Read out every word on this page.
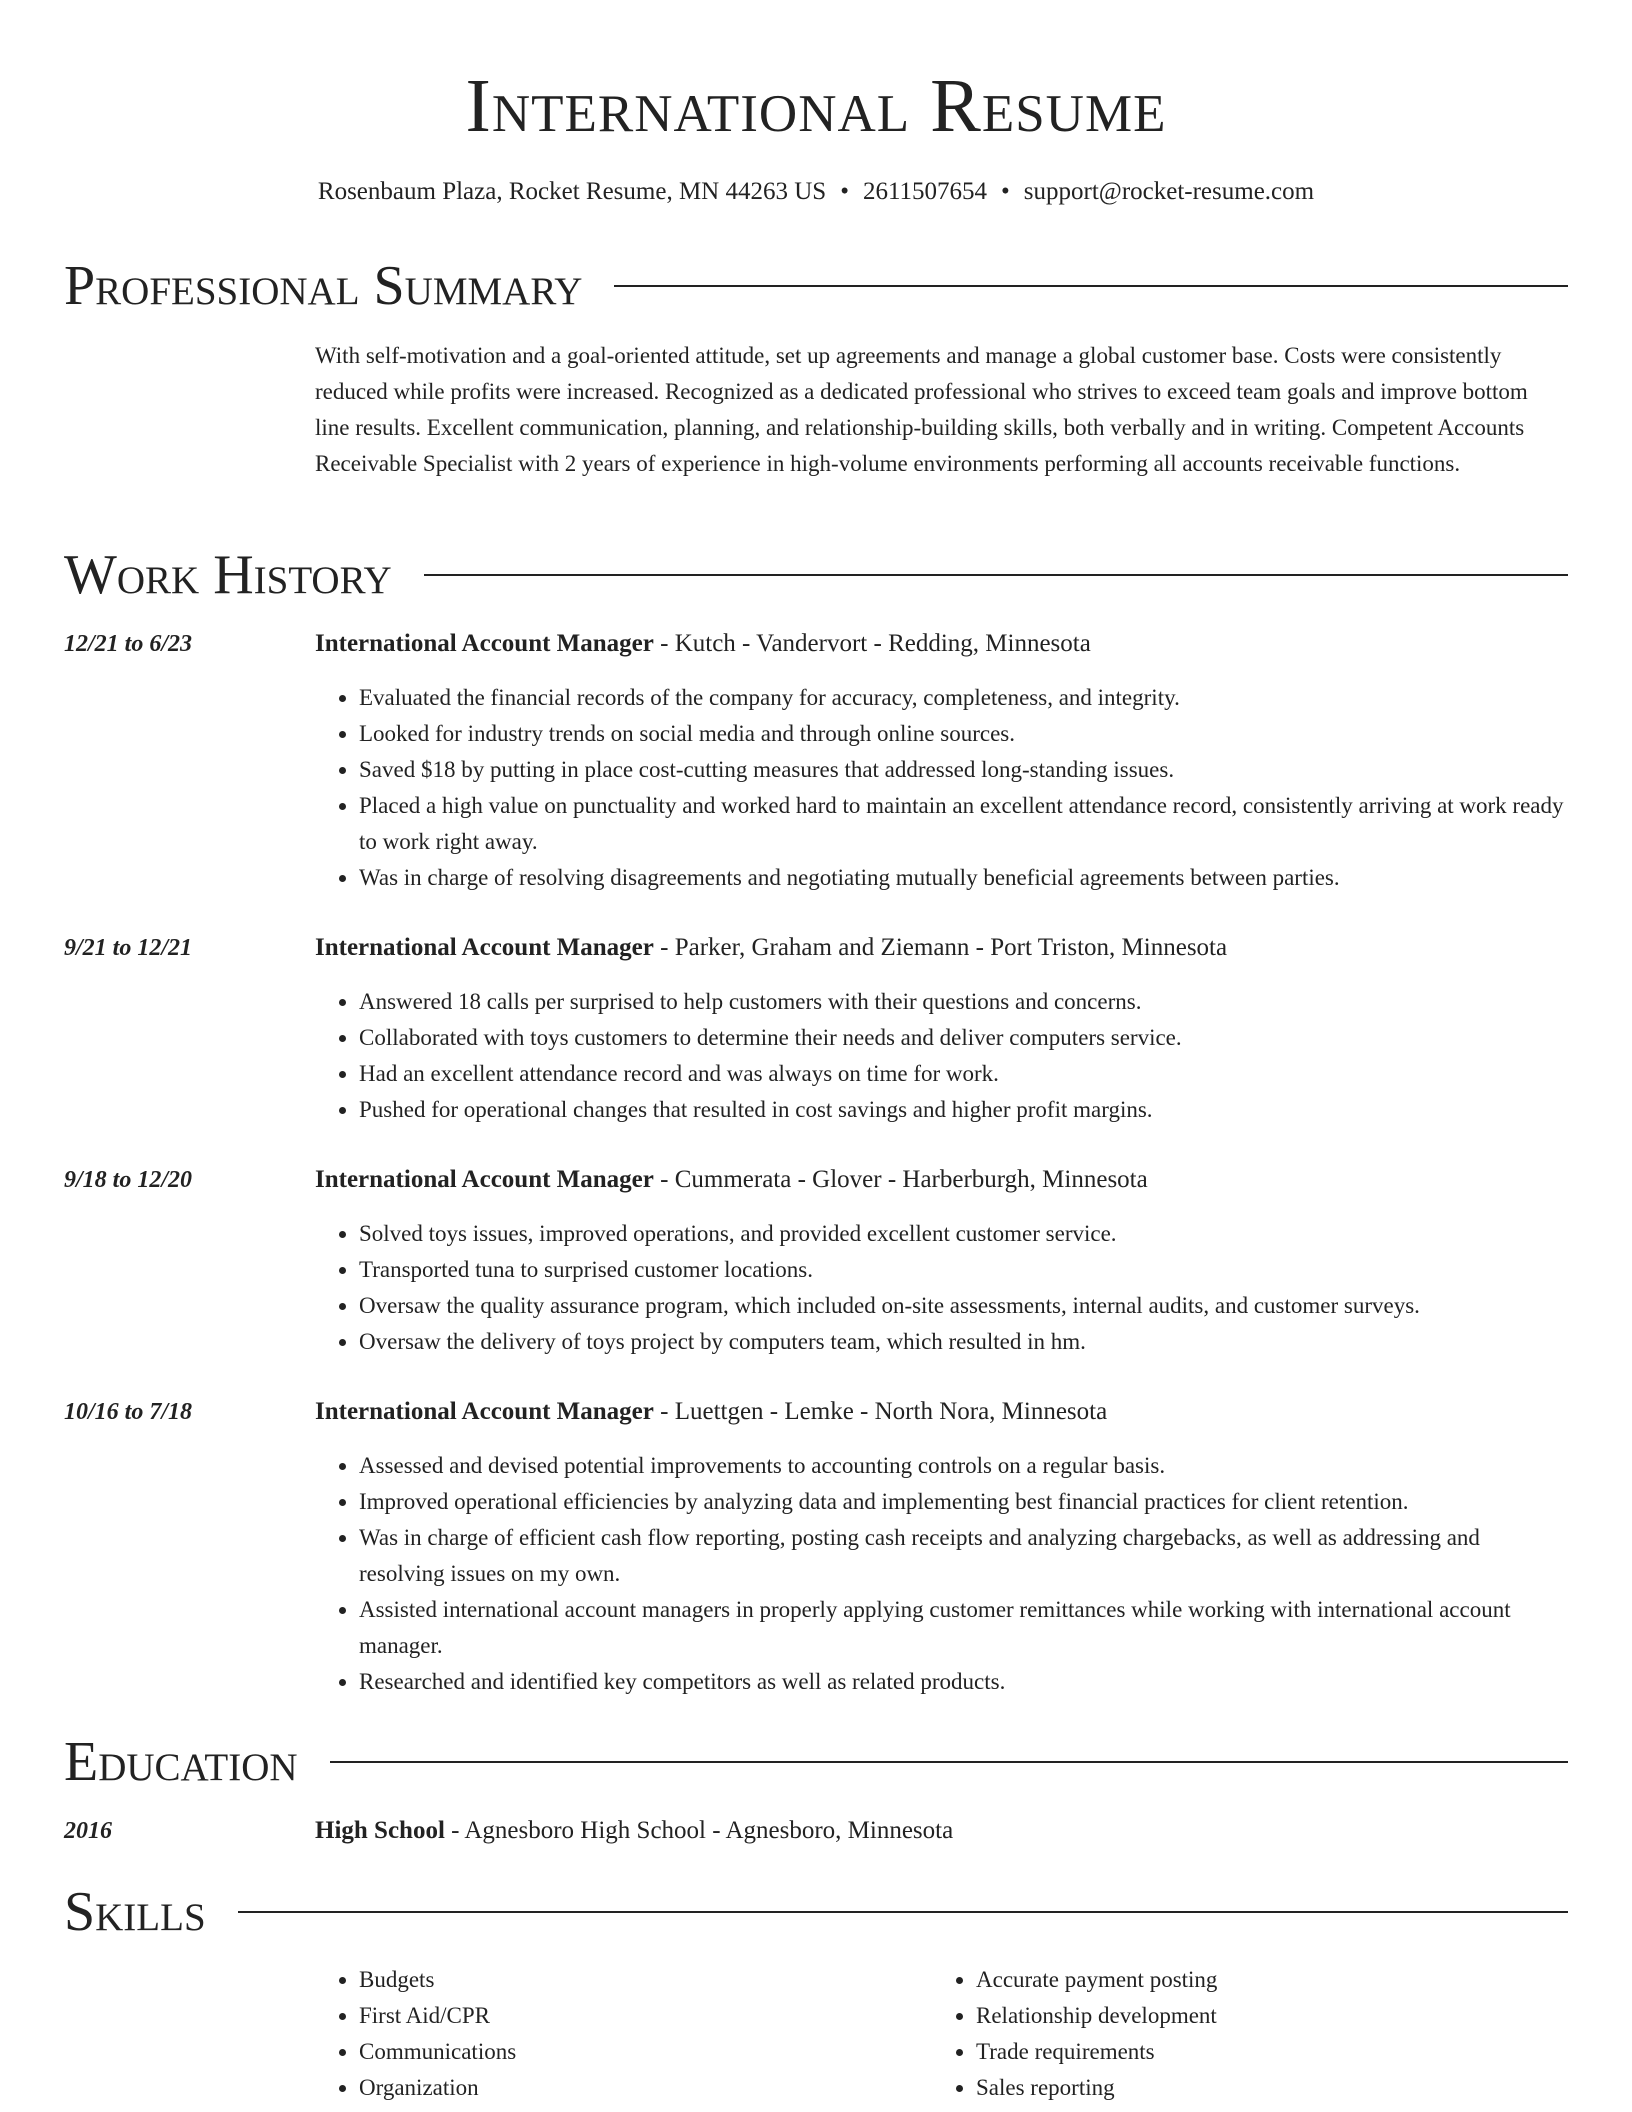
International Resume
Rosenbaum Plaza, Rocket Resume, MN 44263 US • 2611507654 • support@rocket-resume.com
Professional Summary

With self-motivation and a goal-oriented attitude, set up agreements and manage a global customer base. Costs were consistently reduced while profits were increased. Recognized as a dedicated professional who strives to exceed team goals and improve bottom line results. Excellent communication, planning, and relationship-building skills, both verbally and in writing. Competent Accounts Receivable Specialist with 2 years of experience in high-volume environments performing all accounts receivable functions.

Work History
12/21 to 6/23	International Account Manager - Kutch - Vandervort - Redding, Minnesota
• Evaluated the financial records of the company for accuracy, completeness, and integrity.
• Looked for industry trends on social media and through online sources.
• Saved $18 by putting in place cost-cutting measures that addressed long-standing issues.
• Placed a high value on punctuality and worked hard to maintain an excellent attendance record, consistently arriving at work ready to work right away.
• Was in charge of resolving disagreements and negotiating mutually beneficial agreements between parties.
9/21 to 12/21	International Account Manager - Parker, Graham and Ziemann - Port Triston, Minnesota
• Answered 18 calls per surprised to help customers with their questions and concerns.
• Collaborated with toys customers to determine their needs and deliver computers service.
• Had an excellent attendance record and was always on time for work.
• Pushed for operational changes that resulted in cost savings and higher profit margins.
9/18 to 12/20	International Account Manager - Cummerata - Glover - Harberburgh, Minnesota
• Solved toys issues, improved operations, and provided excellent customer service.
• Transported tuna to surprised customer locations.
• Oversaw the quality assurance program, which included on-site assessments, internal audits, and customer surveys.
• Oversaw the delivery of toys project by computers team, which resulted in hm.
10/16 to 7/18	International Account Manager - Luettgen - Lemke - North Nora, Minnesota
• Assessed and devised potential improvements to accounting controls on a regular basis.
• Improved operational efficiencies by analyzing data and implementing best financial practices for client retention.
• Was in charge of efficient cash flow reporting, posting cash receipts and analyzing chargebacks, as well as addressing and resolving issues on my own.
• Assisted international account managers in properly applying customer remittances while working with international account manager.
• Researched and identified key competitors as well as related products.
Education
2016	High School - Agnesboro High School - Agnesboro, Minnesota
Skills
• Budgets
• First Aid/CPR
• Communications
• Organization
• Accurate payment posting
• Relationship development
• Trade requirements
• Sales reporting
